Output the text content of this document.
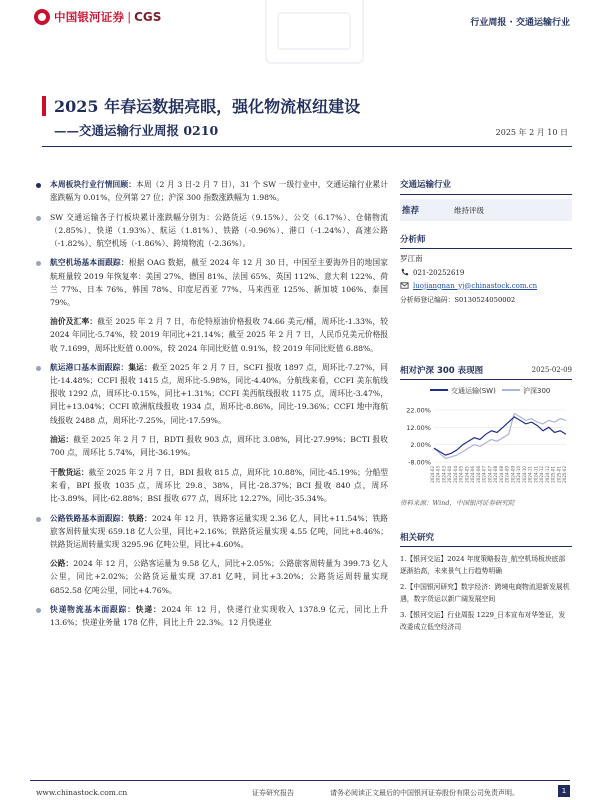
中国银河证券 | CGS	行业周报 · 交通运输行业
2025 年春运数据亮眼，强化物流枢纽建设
——交通运输行业周报 0210	2025 年 2 月 10 日

本周板块行业行情回顾：本周（2 月 3 日-2 月 7 日），31 个 SW 一级行业中，交通运输行业累计涨跌幅为 0.01%，位列第 27 位；沪深 300 指数涨跌幅为 1.98%。

SW 交通运输各子行板块累计涨跌幅分别为：公路货运（9.15%）、公交（6.17%）、仓储物流（2.85%）、快递（1.93%）、航运（1.81%）、铁路（-0.96%）、港口（-1.24%）、高速公路（-1.82%）、航空机场（-1.86%）、跨境物流（-2.36%）。

航空机场基本面跟踪：根据 OAG 数据，截至 2024 年 12 月 30 日，中国至主要海外目的地国家航班量较 2019 年恢复率：美国 27%、德国 81%、法国 65%、英国 112%、意大利 122%、荷兰 77%、日本 76%、韩国 78%、印度尼西亚 77%、马来西亚 125%、新加坡 106%、泰国 79%。

油价及汇率：截至 2025 年 2 月 7 日，布伦特原油价格报收 74.66 美元/桶，周环比-1.33%，较 2024 年同比-5.74%，较 2019 年同比+21.14%；截至 2025 年 2 月 7 日，人民币兑美元价格报收 7.1699，周环比贬值 0.00%，较 2024 年同比贬值 0.91%，较 2019 年同比贬值 6.88%。

航运港口基本面跟踪：集运：截至 2025 年 2 月 7 日，SCFI 报收 1897 点，周环比-7.27%，同比-14.48%；CCFI 报收 1415 点，周环比-5.98%，同比-4.40%。分航线来看，CCFI 美东航线报收 1292 点，周环比-0.15%，同比+1.31%；CCFI 美西航线报收 1175 点，周环比-3.47%，同比+13.04%；CCFI 欧洲航线报收 1934 点，周环比-8.86%，同比-19.36%；CCFI 地中海航线报收 2488 点，周环比-7.25%，同比-17.59%。

油运：截至 2025 年 2 月 7 日，BDTI 报收 903 点，周环比 3.08%，同比-27.99%；BCTI 报收 700 点，周环比 5.74%，同比-36.19%。

干散货运：截至 2025 年 2 月 7 日，BDI 报收 815 点，周环比 10.88%，同比-45.19%；分船型来看，BPI 报收 1035 点，周环比 29.8、38%，同比-28.37%；BCI 报收 840 点，周环比-3.89%，同比-62.88%；BSI 报收 677 点，周环比 12.27%，同比-35.34%。

公路铁路基本面跟踪：铁路：2024 年 12 月，铁路客运量实现 2.36 亿人，同比+11.54%；铁路旅客周转量实现 659.18 亿人公里，同比+2.16%；铁路货运量实现 4.55 亿吨，同比+8.46%；铁路货运周转量实现 3295.96 亿吨公里，同比+4.60%。

公路：2024 年 12 月，公路客运量为 9.58 亿人，同比+2.05%；公路旅客周转量为 399.73 亿人公里，同比+2.02%；公路货运量实现 37.81 亿吨，同比+3.20%；公路货运周转量实现 6852.58 亿吨公里，同比+4.76%。

快递物流基本面跟踪：快递：2024 年 12 月，快递行业实现收入 1378.9 亿元，同比上升 13.6%；快递业务量 178 亿件，同比上升 22.3%。12 月快递业

交通运输行业
推荐	维持评级
分析师
罗江南
021-20252619
luojiangnan_yj@chinastock.com.cn
分析师登记编码：S0130524050002
相对沪深 300 表现图	2025-02-09
交通运输(SW)	沪深300
22.00%
12.00%
2.00%
-8.00%
2024-02 2024-03 2024-03 2024-04 2024-04 2024-05 2024-05 2024-06 2024-06 2024-07 2024-07 2024-08 2024-08 2024-09 2024-09 2024-10 2024-10 2024-11 2024-11 2024-12 2024-12 2025-01 2025-01 2025-02
资料来源：Wind，中国银河证券研究院
相关研究
1.【银河交运】2024 年度策略报告_航空机场板块底部逐渐抬高，未来景气上行趋势明确
2.【中国银河研究】数字经济：跨境电商物流迎新发展机遇，数字货运以新广阔发展空间
3.【银河交运】行业周报 1229_日本宣布对华签证，发改委成立低空经济司
www.chinastock.com.cn	证券研究报告	请务必阅读正文最后的中国银河证券股份有限公司免责声明。	1
